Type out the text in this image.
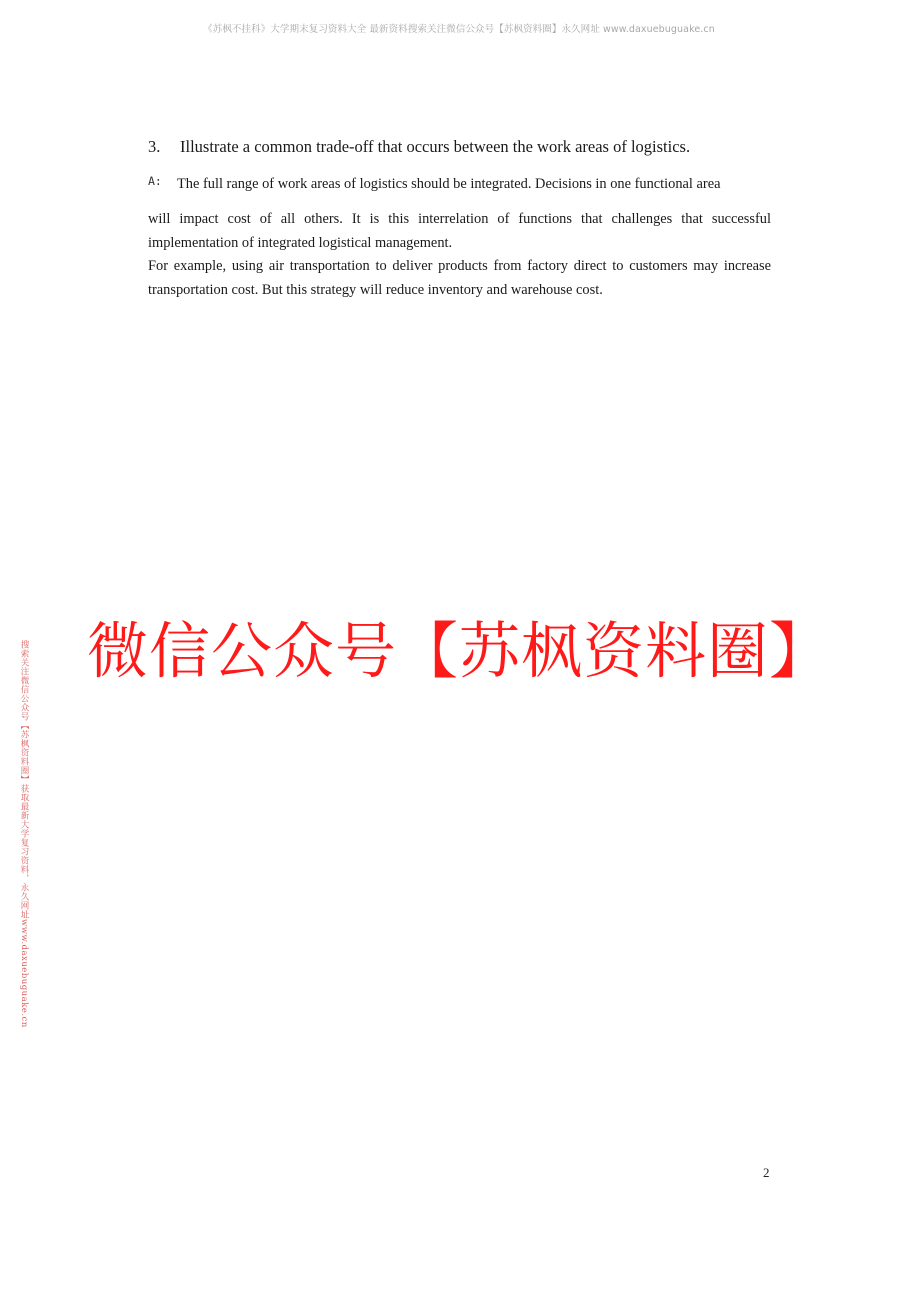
《苏枫不挂科》大学期末复习资料大全 最新资料搜索关注微信公众号【苏枫资料圈】永久网址 www.daxuebuguake.cn
3. Illustrate a common trade-off that occurs between the work areas of logistics.
A: The full range of work areas of logistics should be integrated. Decisions in one functional area

will impact cost of all others. It is this interrelation of functions that challenges that successful implementation of integrated logistical management.

For example, using air transportation to deliver products from factory direct to customers may increase transportation cost. But this strategy will reduce inventory and warehouse cost.

微信公众号【苏枫资料圈】
搜索关注微信公众号【苏枫资料圈】获取最新大学复习资料，永久网址www.daxuebuguake.cn
2
